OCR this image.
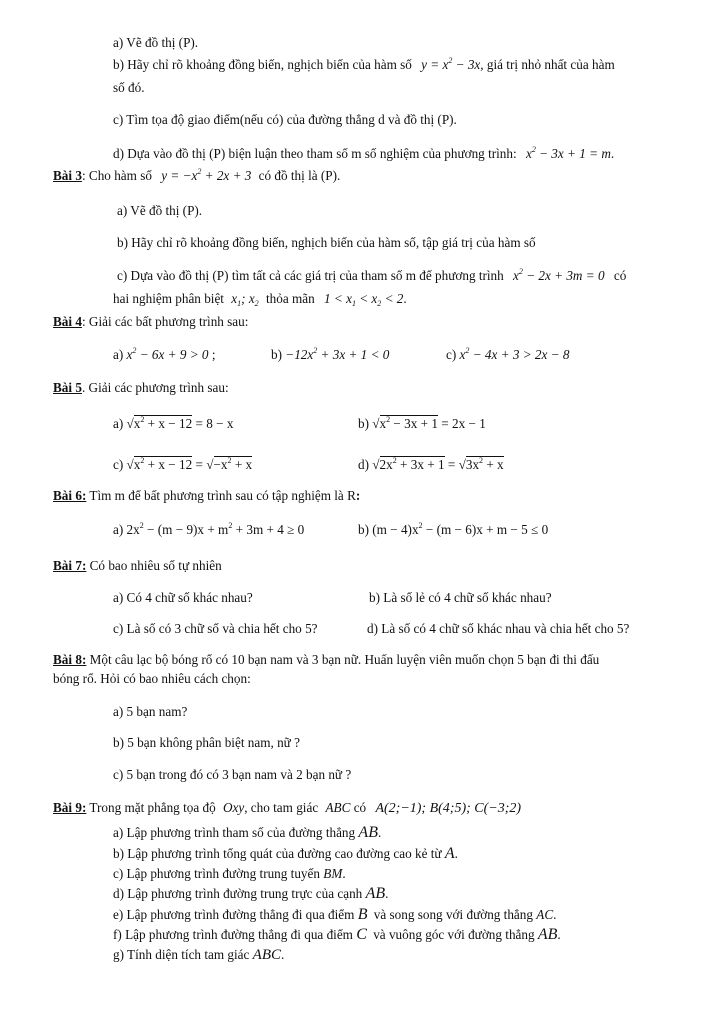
a) Vẽ đồ thị (P).
b) Hãy chỉ rõ khoảng đồng biến, nghịch biến của hàm số $y = x^2 - 3x$, giá trị nhỏ nhất của hàm
số đó.
c) Tìm tọa độ giao điểm(nếu có) của đường thẳng d và đồ thị (P).
d) Dựa vào đồ thị (P) biện luận theo tham số m số nghiệm của phương trình: $x^2 - 3x + 1 = m$.
Bài 3: Cho hàm số $y = -x^2 + 2x + 3$ có đồ thị là (P).
a) Vẽ đồ thị (P).
b) Hãy chỉ rõ khoảng đồng biến, nghịch biến của hàm số, tập giá trị của hàm số
c) Dựa vào đồ thị (P) tìm tất cả các giá trị của tham số m để phương trình $x^2 - 2x + 3m = 0$ có
hai nghiệm phân biệt $x_1$; $x_2$ thỏa mãn $1 < x_1 < x_2 < 2$.
Bài 4: Giải các bất phương trình sau:
a) $x^2 - 6x + 9 > 0$ ;	$b) -12x^2 + 3x + 1 < 0$	c) $x^2 - 4x + 3 > 2x - 8$
Bài 5. Giải các phương trình sau:
a) $√x^2 + x - 12 = 8 - x$	b) $√x^2 - 3x + 1 = 2x - 1$
c) $√x^2 + x - 12 = √-x^2 + x$	d) $√2x^2 + 3x + 1 = √3x^2 + x$
Bài 6: Tìm m để bất phương trình sau có tập nghiệm là R:
a) $2x^2 - (m - 9)x + m^2 + 3m + 4 \ge 0$	b) $(m - 4)x^2 - (m - 6)x + m - 5 \le 0$
Bài 7: Có bao nhiêu số tự nhiên
a) Có 4 chữ số khác nhau?	b) Là số lẻ có 4 chữ số khác nhau?
c) Là số có 3 chữ số và chia hết cho 5?	d) Là số có 4 chữ số khác nhau và chia hết cho 5?
Bài 8: Một câu lạc bộ bóng rổ có 10 bạn nam và 3 bạn nữ. Huấn luyện viên muốn chọn 5 bạn đi thi đấu
bóng rổ. Hỏi có bao nhiêu cách chọn:
a) 5 bạn nam?
b) 5 bạn không phân biệt nam, nữ ?
c) 5 bạn trong đó có 3 bạn nam và 2 bạn nữ ?
Bài 9: Trong mặt phẳng tọa độ Oxy, cho tam giác ABC có A(2;−1); B(4;5); C(−3;2)
a) Lập phương trình tham số của đường thẳng AB.
b) Lập phương trình tổng quát của đường cao đường cao kẻ từ A.
c) Lập phương trình đường trung tuyến BM.
d) Lập phương trình đường trung trực của cạnh AB.
e) Lập phương trình đường thẳng đi qua điểm B và song song với đường thẳng AC.
f) Lập phương trình đường thẳng đi qua điểm C và vuông góc với đường thẳng AB.
g) Tính diện tích tam giác ABC.
